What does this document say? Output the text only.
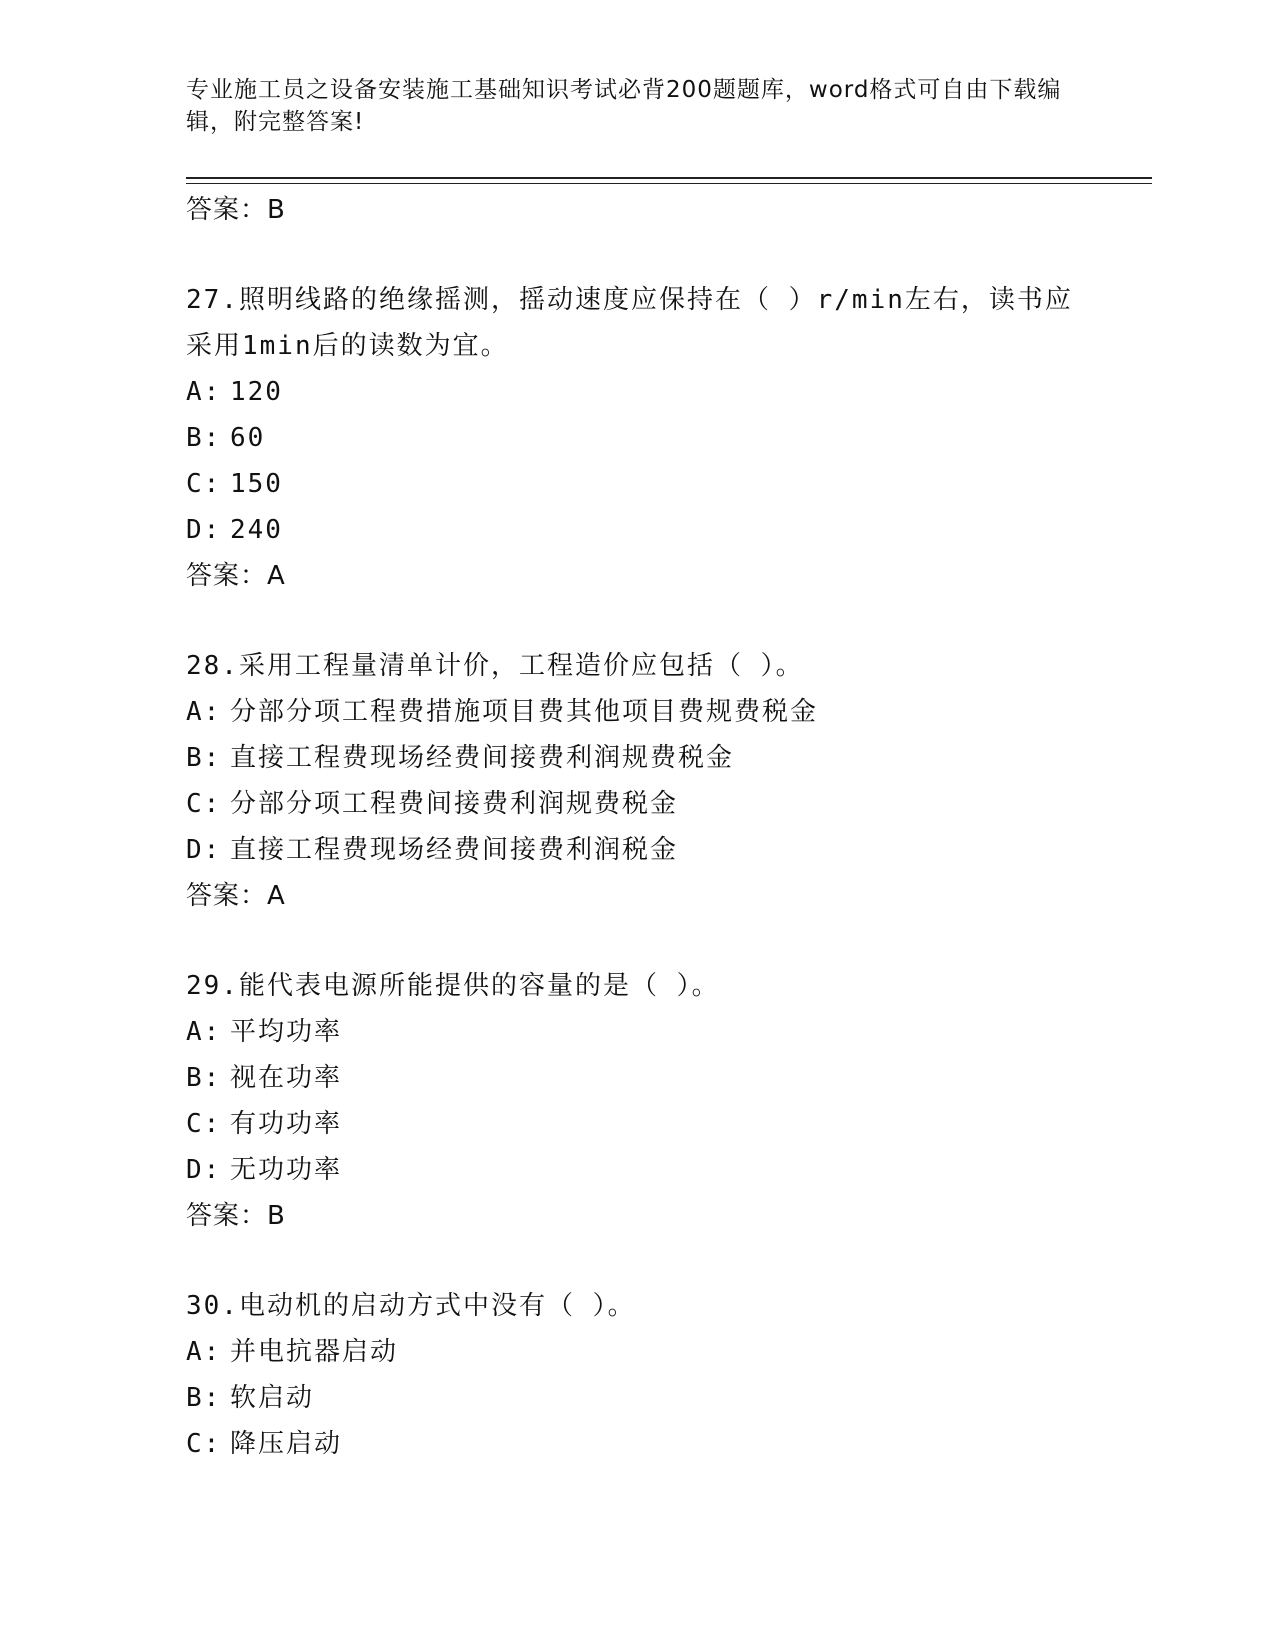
专业施工员之设备安装施工基础知识考试必背200题题库，word格式可自由下载编辑，附完整答案!
答案：B
27.照明线路的绝缘摇测，摇动速度应保持在（ ）r/min左右，读书应采用1min后的读数为宜。
A: 120
B: 60
C: 150
D: 240
答案：A
28.采用工程量清单计价，工程造价应包括（ ）。
A: 分部分项工程费措施项目费其他项目费规费税金
B: 直接工程费现场经费间接费利润规费税金
C: 分部分项工程费间接费利润规费税金
D: 直接工程费现场经费间接费利润税金
答案：A
29.能代表电源所能提供的容量的是（ ）。
A: 平均功率
B: 视在功率
C: 有功功率
D: 无功功率
答案：B
30.电动机的启动方式中没有（ ）。
A: 并电抗器启动
B: 软启动
C: 降压启动
